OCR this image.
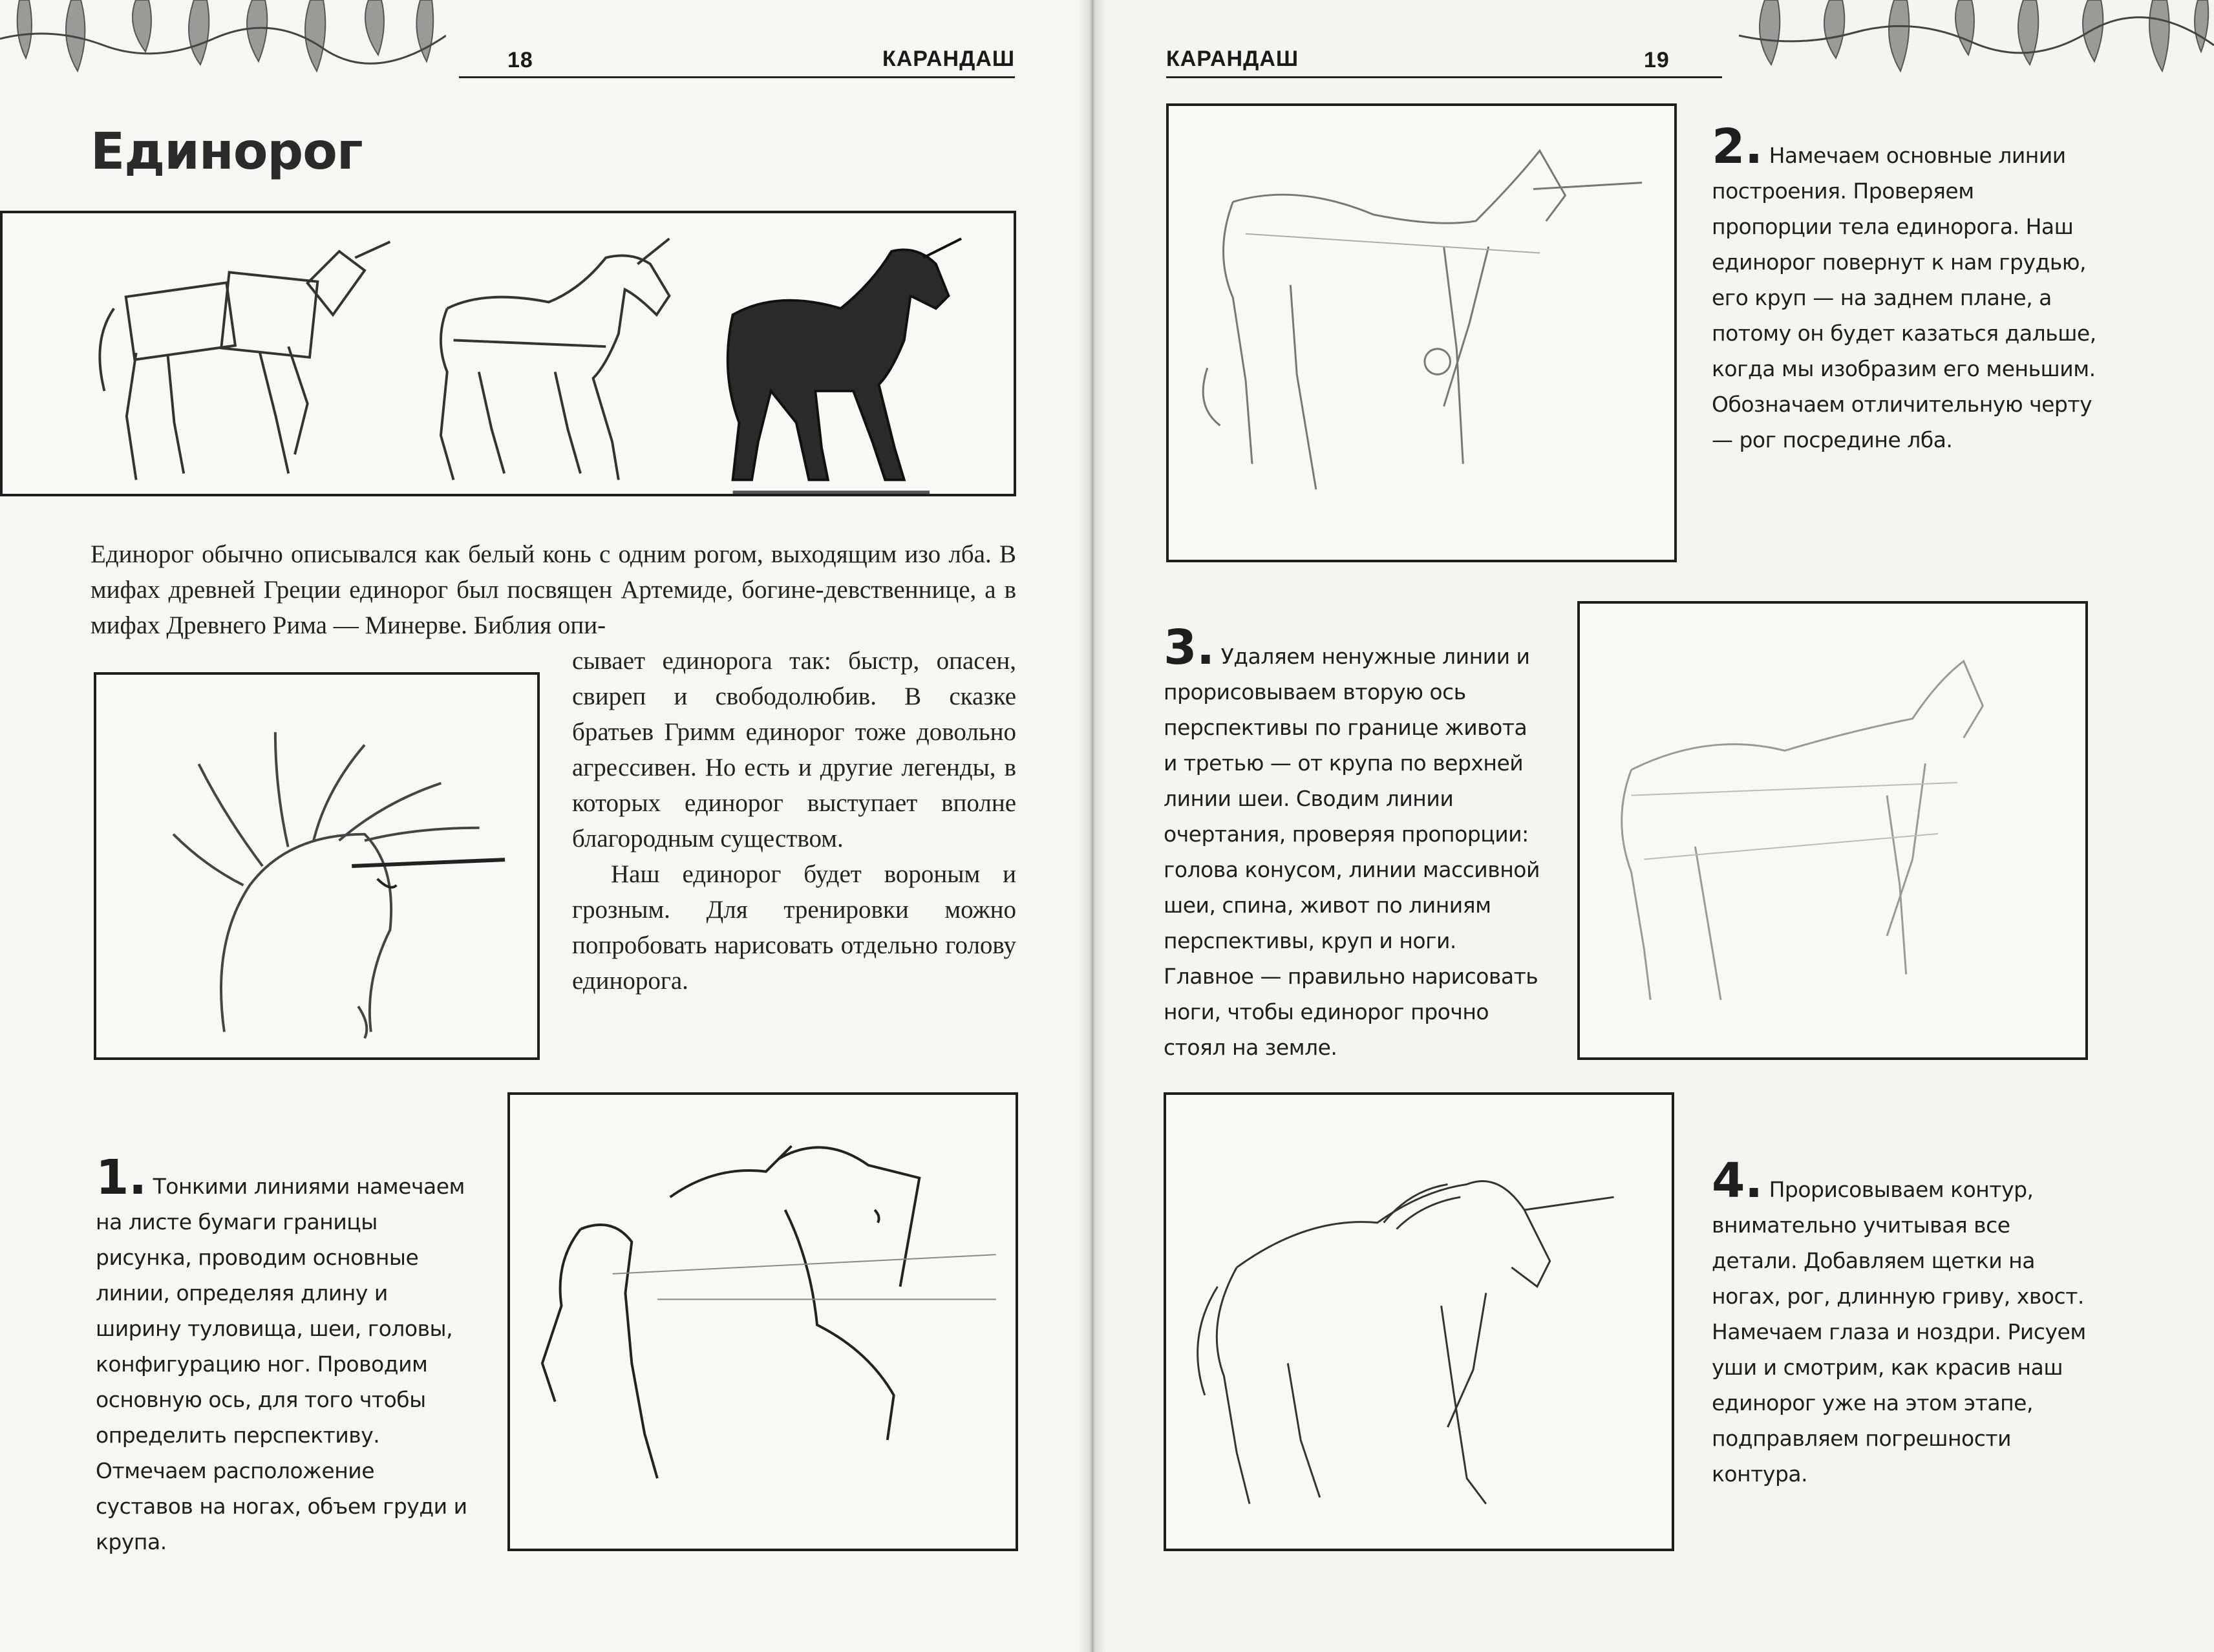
18	КАРАНДАШ	КАРАНДАШ	19
Единорог

Единорог обычно описывался как белый конь с одним рогом, выходящим изо лба. В мифах древней Греции единорог был посвящен Артемиде, богине-девственнице, а в мифах Древнего Рима — Минерве. Библия опи-

сывает единорога так: быстр, опасен, свиреп и свободолюбив. В сказке братьев Гримм единорог тоже довольно агрессивен. Но есть и другие легенды, в которых единорог выступает вполне благородным существом.

Наш единорог будет вороным и грозным. Для тренировки можно попробовать нарисовать отдельно голову единорога.

1. Тонкими линиями намечаем на листе бумаги границы рисунка, проводим основные линии, определяя длину и ширину туловища, шеи, головы, конфигурацию ног. Проводим основную ось, для того чтобы определить перспективу. Отмечаем расположение суставов на ногах, объем груди и крупа.
2. Намечаем основные линии построения. Проверяем пропорции тела единорога. Наш единорог повернут к нам грудью, его круп — на заднем плане, а потому он будет казаться дальше, когда мы изобразим его меньшим. Обозначаем отличительную черту — рог посредине лба.
3. Удаляем ненужные линии и прорисовываем вторую ось перспективы по границе живота и третью — от крупа по верхней линии шеи. Сводим линии очертания, проверяя пропорции: голова конусом, линии массивной шеи, спина, живот по линиям перспективы, круп и ноги. Главное — правильно нарисовать ноги, чтобы единорог прочно стоял на земле.
4. Прорисовываем контур, внимательно учитывая все детали. Добавляем щетки на ногах, рог, длинную гриву, хвост. Намечаем глаза и ноздри. Рисуем уши и смотрим, как красив наш единорог уже на этом этапе, подправляем погрешности контура.
